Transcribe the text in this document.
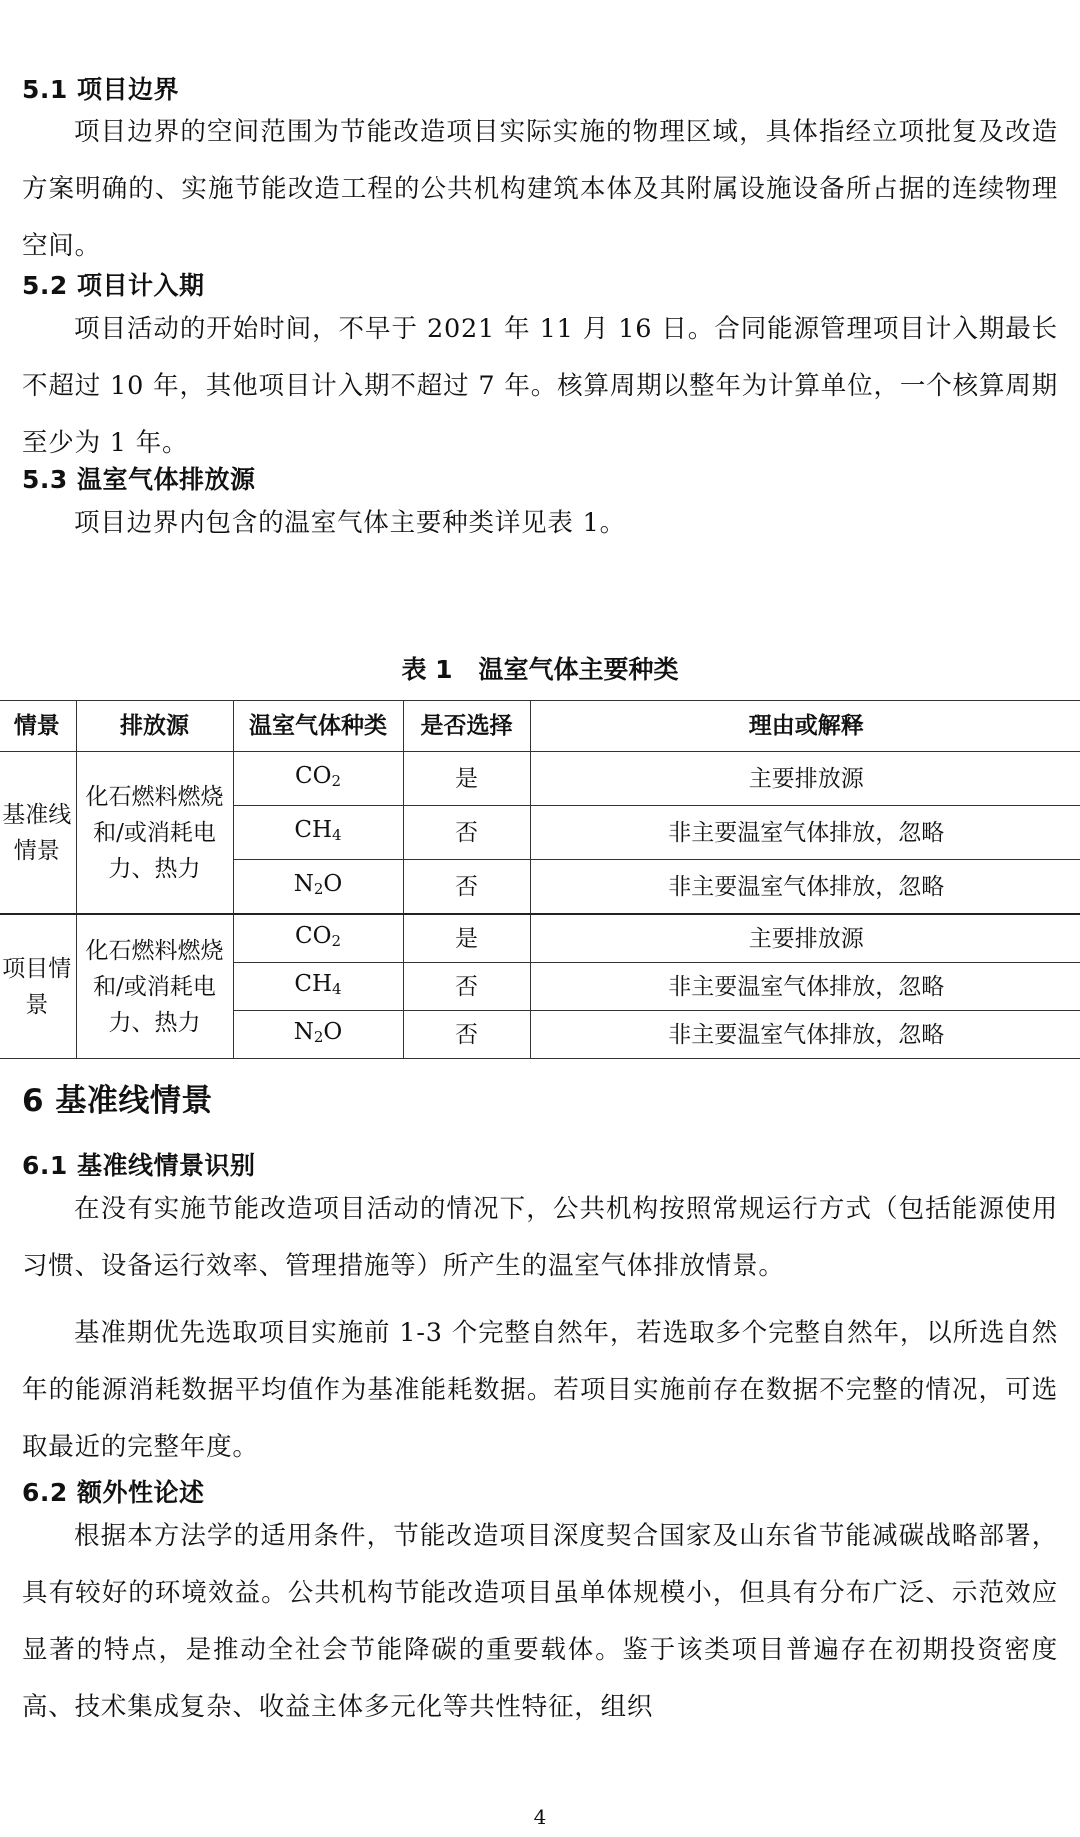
5.1 项目边界

项目边界的空间范围为节能改造项目实际实施的物理区域，具体指经立项批复及改造方案明确的、实施节能改造工程的公共机构建筑本体及其附属设施设备所占据的连续物理空间。

5.2 项目计入期

项目活动的开始时间，不早于 2021 年 11 月 16 日。合同能源管理项目计入期最长不超过 10 年，其他项目计入期不超过 7 年。核算周期以整年为计算单位，一个核算周期至少为 1 年。

5.3 温室气体排放源

项目边界内包含的温室气体主要种类详见表 1。

表 1 温室气体主要种类

情景	排放源	温室气体种类	是否选择	理由或解释
基准线情景	化石燃料燃烧和/或消耗电力、热力	$CO_2$	是	主要排放源
		$CH_4$	否	非主要温室气体排放，忽略
		$N_2O$	否	非主要温室气体排放，忽略
项目情景	化石燃料燃烧和/或消耗电力、热力	$CO_2$	是	主要排放源
		$CH_4$	否	非主要温室气体排放，忽略
		$N_2O$	否	非主要温室气体排放，忽略
6 基准线情景
6.1 基准线情景识别

在没有实施节能改造项目活动的情况下，公共机构按照常规运行方式（包括能源使用习惯、设备运行效率、管理措施等）所产生的温室气体排放情景。

基准期优先选取项目实施前 1-3 个完整自然年，若选取多个完整自然年，以所选自然年的能源消耗数据平均值作为基准能耗数据。若项目实施前存在数据不完整的情况，可选取最近的完整年度。

6.2 额外性论述

根据本方法学的适用条件，节能改造项目深度契合国家及山东省节能减碳战略部署，具有较好的环境效益。公共机构节能改造项目虽单体规模小，但具有分布广泛、示范效应显著的特点，是推动全社会节能降碳的重要载体。鉴于该类项目普遍存在初期投资密度高、技术集成复杂、收益主体多元化等共性特征，组织

4
